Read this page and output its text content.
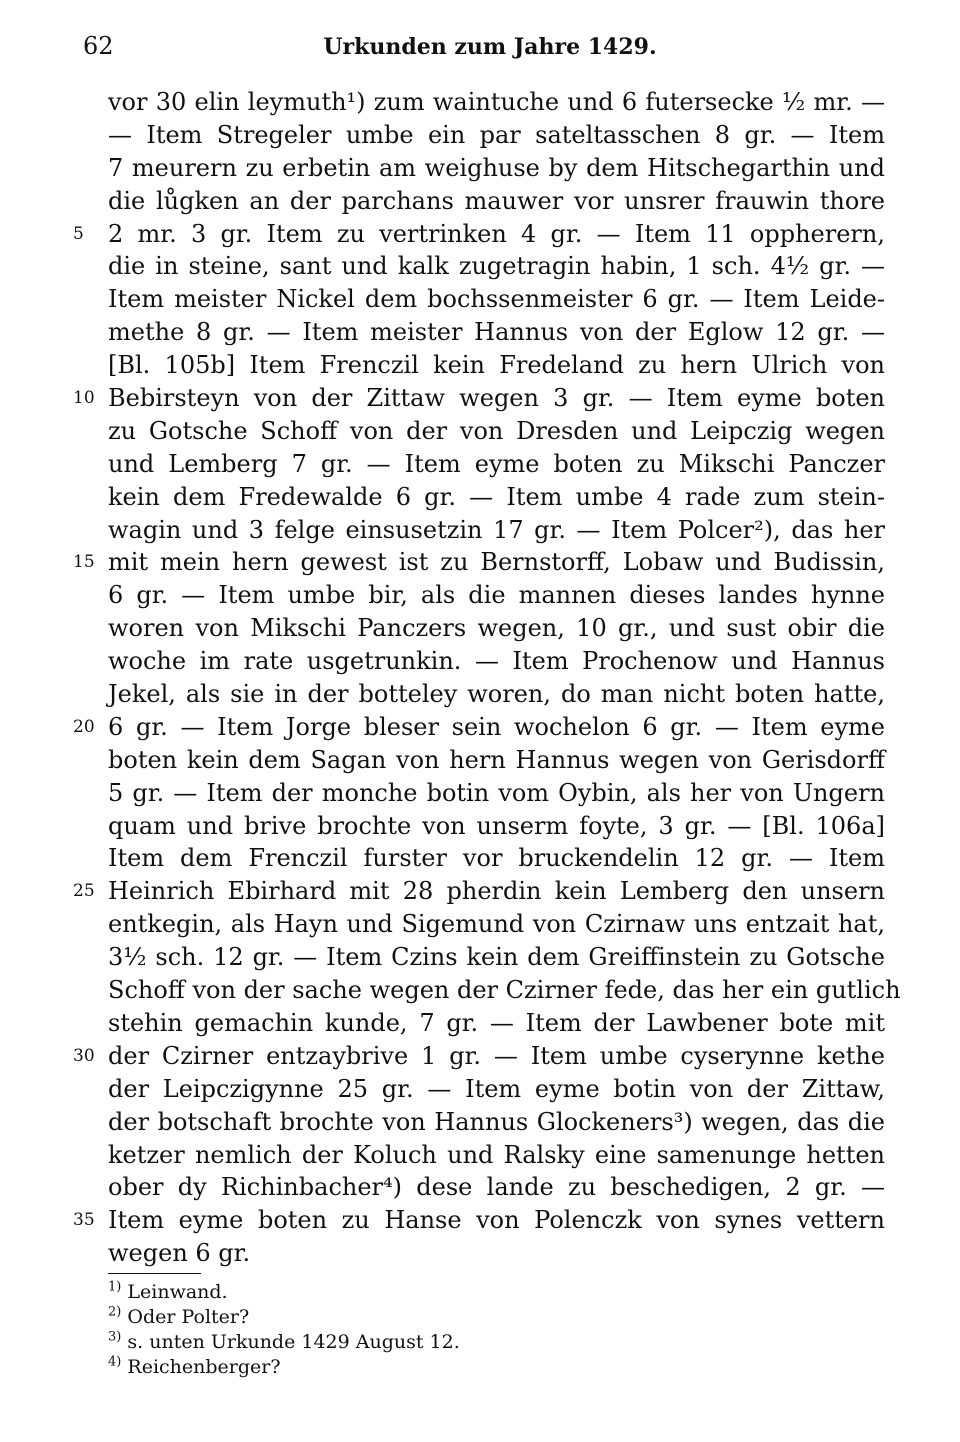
62	Urkunden zum Jahre 1429.
vor 30 elin leymuth¹) zum waintuche und 6 futersecke ½ mr. —
— Item Stregeler umbe ein par sateltasschen 8 gr. — Item
7 meurern zu erbetin am weighuse by dem Hitschegarthin und
die lůgken an der parchans mauwer vor unsrer frauwin thore
5	2 mr. 3 gr. Item zu vertrinken 4 gr. — Item 11 oppherern,
die in steine, sant und kalk zugetragin habin, 1 sch. 4½ gr. —
Item meister Nickel dem bochssenmeister 6 gr. — Item Leide-
methe 8 gr. — Item meister Hannus von der Eglow 12 gr. —
[Bl. 105b] Item Frenczil kein Fredeland zu hern Ulrich von
10 Bebirsteyn von der Zittaw wegen 3 gr. — Item eyme boten
zu Gotsche Schoff von der von Dresden und Leipczig wegen
und Lemberg 7 gr. — Item eyme boten zu Mikschi Panczer
kein dem Fredewalde 6 gr. — Item umbe 4 rade zum stein-
wagin und 3 felge einsusetzin 17 gr. — Item Polcer²), das her
15 mit mein hern gewest ist zu Bernstorff, Lobaw und Budissin,
6 gr. — Item umbe bir, als die mannen dieses landes hynne
woren von Mikschi Panczers wegen, 10 gr., und sust obir die
woche im rate usgetrunkin. — Item Prochenow und Hannus
Jekel, als sie in der botteley woren, do man nicht boten hatte,
20 6 gr. — Item Jorge bleser sein wochelon 6 gr. — Item eyme
boten kein dem Sagan von hern Hannus wegen von Gerisdorff
5 gr. — Item der monche botin vom Oybin, als her von Ungern
quam und brive brochte von unserm foyte, 3 gr. — [Bl. 106a]
Item dem Frenczil furster vor bruckendelin 12 gr. — Item
25 Heinrich Ebirhard mit 28 pherdin kein Lemberg den unsern
entkegin, als Hayn und Sigemund von Czirnaw uns entzait hat,
3½ sch. 12 gr. — Item Czins kein dem Greiffinstein zu Gotsche
Schoff von der sache wegen der Czirner fede, das her ein gutlich
stehin gemachin kunde, 7 gr. — Item der Lawbener bote mit
30 der Czirner entzaybrive 1 gr. — Item umbe cyserynne kethe
der Leipczigynne 25 gr. — Item eyme botin von der Zittaw,
der botschaft brochte von Hannus Glockeners³) wegen, das die
ketzer nemlich der Koluch und Ralsky eine samenunge hetten
ober dy Richinbacher⁴) dese lande zu beschedigen, 2 gr. —
35 Item eyme boten zu Hanse von Polenczk von synes vettern
wegen 6 gr.
$^{1)}$ Leinwand.
$^{2)}$ Oder Polter?
$^{3)}$ s. unten Urkunde 1429 August 12.
$^{4)}$ Reichenberger?
